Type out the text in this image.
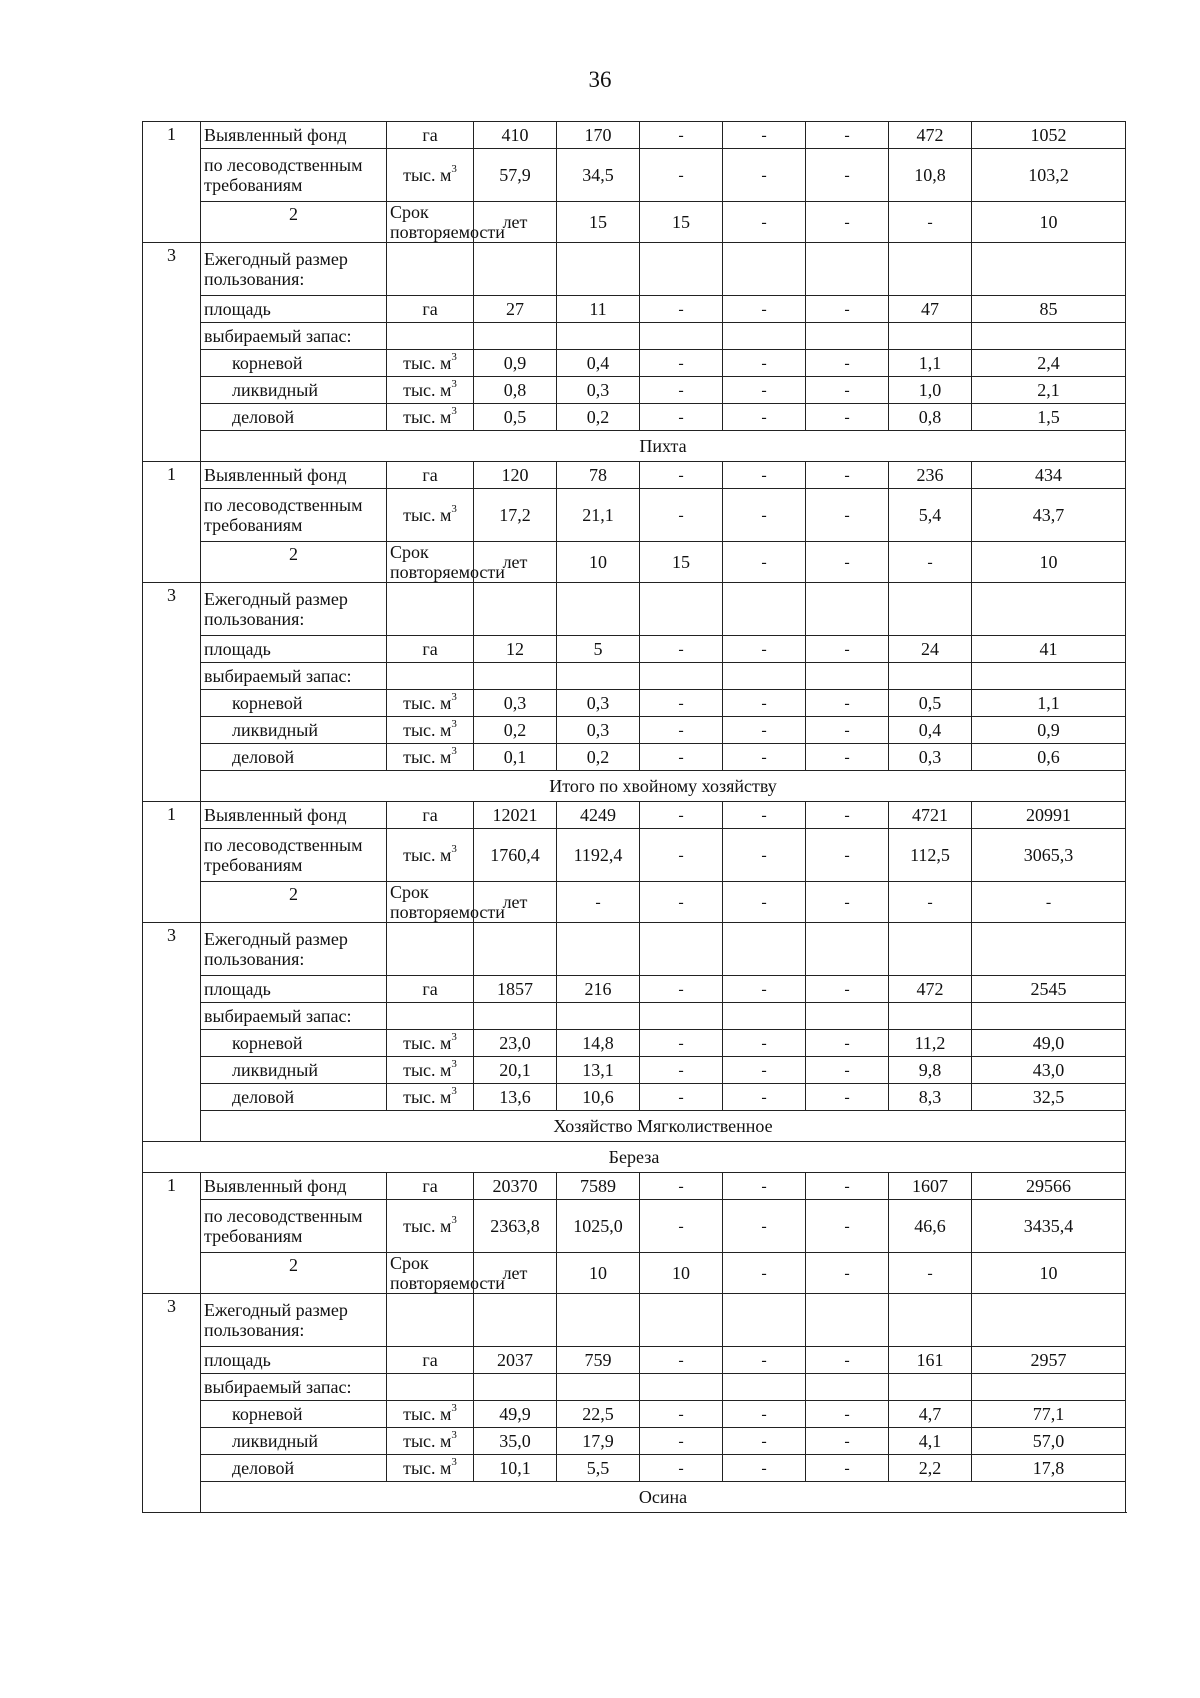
36
1	Выявленный фонд	га	410	170	-	-	-	472	1052	
	по лесоводственным требованиям	тыс. $м^3$	57,9	34,5	-	-	-	10,8	103,2	
	2	Срок повторяемости	лет	15	15	-	-	-	10	
3	Ежегодный размер пользования:									
	площадь	га	27	11	-	-	-	47	85	
	выбираемый запас:									
	корневой	тыс. $м^3$	0,9	0,4	-	-	-	1,1	2,4	
	ликвидный	тыс. $м^3$	0,8	0,3	-	-	-	1,0	2,1	
	деловой	тыс. $м^3$	0,5	0,2	-	-	-	0,8	1,5	
	Пихта									
1	Выявленный фонд	га	120	78	-	-	-	236	434	
	по лесоводственным требованиям	тыс. $м^3$	17,2	21,1	-	-	-	5,4	43,7	
	2	Срок повторяемости	лет	10	15	-	-	-	10	
3	Ежегодный размер пользования:									
	площадь	га	12	5	-	-	-	24	41	
	выбираемый запас:									
	корневой	тыс. $м^3$	0,3	0,3	-	-	-	0,5	1,1	
	ликвидный	тыс. $м^3$	0,2	0,3	-	-	-	0,4	0,9	
	деловой	тыс. $м^3$	0,1	0,2	-	-	-	0,3	0,6	
	Итого по хвойному хозяйству									
1	Выявленный фонд	га	12021	4249	-	-	-	4721	20991	
	по лесоводственным требованиям	тыс. $м^3$	1760,4	1192,4	-	-	-	112,5	3065,3	
	2	Срок повторяемости	лет	-	-	-	-	-	-	
3	Ежегодный размер пользования:									
	площадь	га	1857	216	-	-	-	472	2545	
	выбираемый запас:									
	корневой	тыс. $м^3$	23,0	14,8	-	-	-	11,2	49,0	
	ликвидный	тыс. $м^3$	20,1	13,1	-	-	-	9,8	43,0	
	деловой	тыс. $м^3$	13,6	10,6	-	-	-	8,3	32,5	
	Хозяйство Мягколиственное									
Береза										
1	Выявленный фонд	га	20370	7589	-	-	-	1607	29566	
	по лесоводственным требованиям	тыс. $м^3$	2363,8	1025,0	-	-	-	46,6	3435,4	
	2	Срок повторяемости	лет	10	10	-	-	-	10	
3	Ежегодный размер пользования:									
	площадь	га	2037	759	-	-	-	161	2957	
	выбираемый запас:									
	корневой	тыс. $м^3$	49,9	22,5	-	-	-	4,7	77,1	
	ликвидный	тыс. $м^3$	35,0	17,9	-	-	-	4,1	57,0	
	деловой	тыс. $м^3$	10,1	5,5	-	-	-	2,2	17,8	
	Осина									
